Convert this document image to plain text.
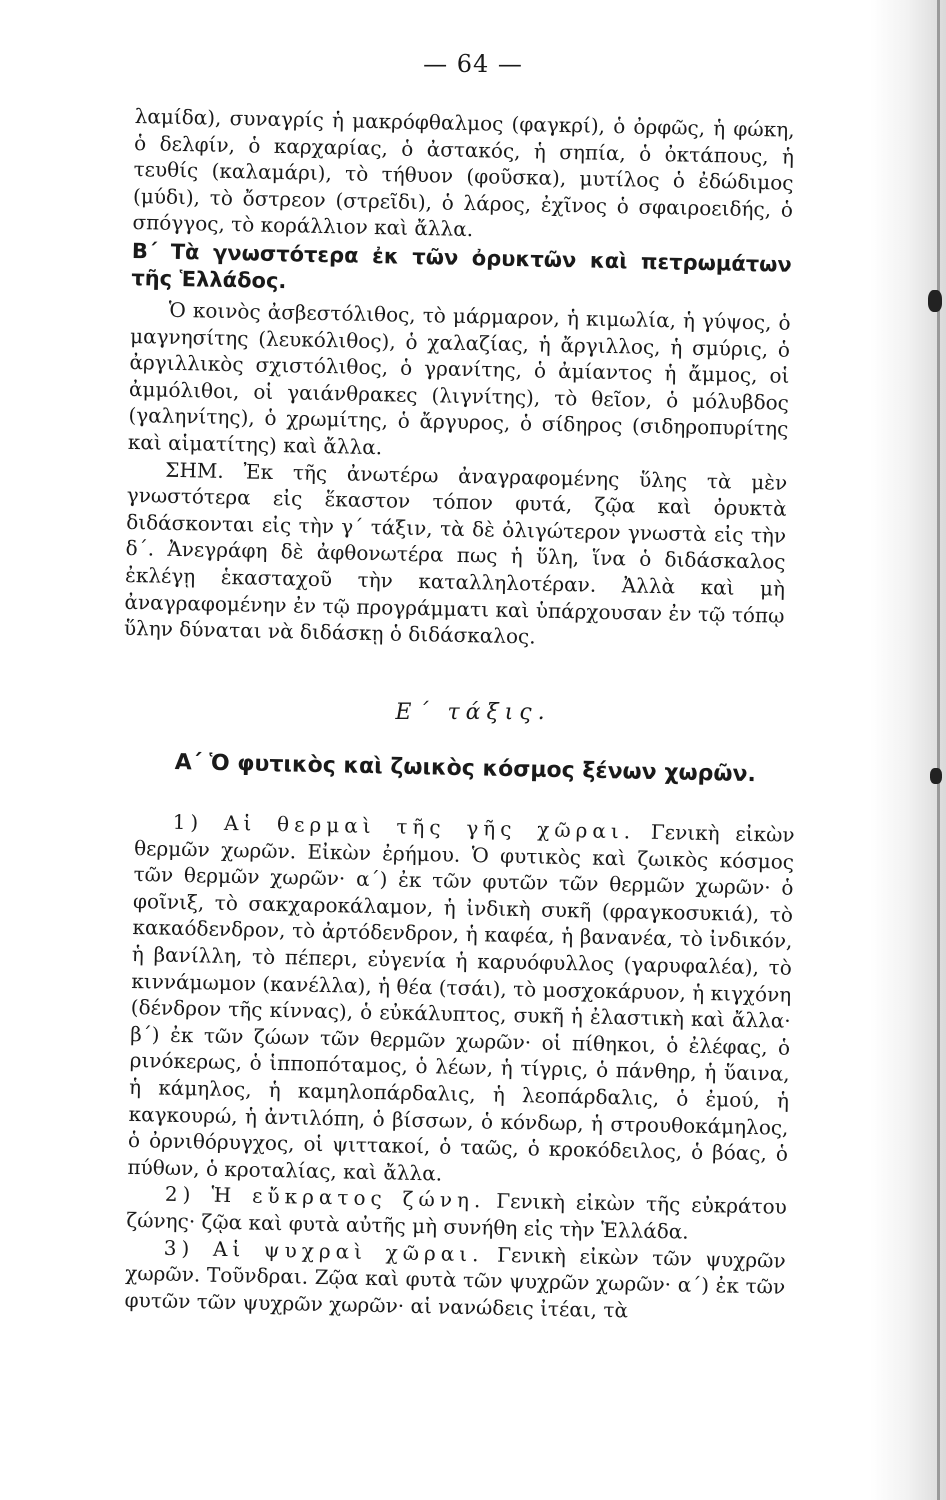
— 64 —

λαμίδα), συναγρίς ἡ μακρόφθαλμος (φαγκρί), ὁ ὀρφῶς, ἡ φώκη, ὁ δελφίν, ὁ καρχαρίας, ὁ ἀστακός, ἡ σηπία, ὁ ὀκτάπους, ἡ τευθίς (καλαμάρι), τὸ τήθυον (φοῦσκα), μυτίλος ὁ ἐδώδιμος (μύδι), τὸ ὄστρεον (στρεῖδι), ὁ λάρος, ἐχῖνος ὁ σφαιροειδής, ὁ σπόγγος, τὸ κοράλλιον καὶ ἄλλα.

Β΄ Τὰ γνωστότερα ἐκ τῶν ὀρυκτῶν καὶ πετρωμάτων τῆς Ἑλλάδος.

Ὁ κοινὸς ἀσβεστόλιθος, τὸ μάρμαρον, ἡ κιμωλία, ἡ γύψος, ὁ μαγνησίτης (λευκόλιθος), ὁ χαλαζίας, ἡ ἄργιλλος, ἡ σμύρις, ὁ ἀργιλλικὸς σχιστόλιθος, ὁ γρανίτης, ὁ ἀμίαντος ἡ ἄμμος, οἱ ἀμμόλιθοι, οἱ γαιάνθρακες (λιγνίτης), τὸ θεῖον, ὁ μόλυβδος (γαληνίτης), ὁ χρωμίτης, ὁ ἄργυρος, ὁ σίδηρος (σιδηροπυρίτης καὶ αἱματίτης) καὶ ἄλλα.

ΣΗΜ. Ἐκ τῆς ἀνωτέρω ἀναγραφομένης ὕλης τὰ μὲν γνωστότερα εἰς ἕκαστον τόπον φυτά, ζῷα καὶ ὀρυκτὰ διδάσκονται εἰς τὴν γ΄ τάξιν, τὰ δὲ ὀλιγώτερον γνωστὰ εἰς τὴν δ΄. Ἀνεγράφη δὲ ἀφθονωτέρα πως ἡ ὕλη, ἵνα ὁ διδάσκαλος ἐκλέγῃ ἑκασταχοῦ τὴν καταλληλοτέραν. Ἀλλὰ καὶ μὴ ἀναγραφομένην ἐν τῷ προγράμματι καὶ ὑπάρχουσαν ἐν τῷ τόπῳ ὕλην δύναται νὰ διδάσκῃ ὁ διδάσκαλος.

Ε΄ τάξις.
Α΄ Ὁ φυτικὸς καὶ ζωικὸς κόσμος ξένων χωρῶν.

1) Αἱ θερμαὶ τῆς γῆς χῶραι. Γενικὴ εἰκὼν θερμῶν χωρῶν. Εἰκὼν ἐρήμου. Ὁ φυτικὸς καὶ ζωικὸς κόσμος τῶν θερμῶν χωρῶν· α΄) ἐκ τῶν φυτῶν τῶν θερμῶν χωρῶν· ὁ φοῖνιξ, τὸ σακχαροκάλαμον, ἡ ἰνδικὴ συκῆ (φραγκοσυκιά), τὸ κακαόδενδρον, τὸ ἀρτόδενδρον, ἡ καφέα, ἡ βανανέα, τὸ ἰνδικόν, ἡ βανίλλη, τὸ πέπερι, εὐγενία ἡ καρυόφυλλος (γαρυφαλέα), τὸ κιννάμωμον (κανέλλα), ἡ θέα (τσάι), τὸ μοσχοκάρυον, ἡ κιγχόνη (δένδρον τῆς κίννας), ὁ εὐκάλυπτος, συκῆ ἡ ἐλαστικὴ καὶ ἄλλα· β΄) ἐκ τῶν ζώων τῶν θερμῶν χωρῶν· οἱ πίθηκοι, ὁ ἐλέφας, ὁ ρινόκερως, ὁ ἱπποπόταμος, ὁ λέων, ἡ τίγρις, ὁ πάνθηρ, ἡ ὕαινα, ἡ κάμηλος, ἡ καμηλοπάρδαλις, ἡ λεοπάρδαλις, ὁ ἐμού, ἡ καγκουρώ, ἡ ἀντιλόπη, ὁ βίσσων, ὁ κόνδωρ, ἡ στρουθοκάμηλος, ὁ ὀρνιθόρυγχος, οἱ ψιττακοί, ὁ ταῶς, ὁ κροκόδειλος, ὁ βόας, ὁ πύθων, ὁ κροταλίας, καὶ ἄλλα.

2) Ἡ εὔκρατος ζώνη. Γενικὴ εἰκὼν τῆς εὐκράτου ζώνης· ζῷα καὶ φυτὰ αὐτῆς μὴ συνήθη εἰς τὴν Ἑλλάδα.

3) Αἱ ψυχραὶ χῶραι. Γενικὴ εἰκὼν τῶν ψυχρῶν χωρῶν. Τοῦνδραι. Ζῷα καὶ φυτὰ τῶν ψυχρῶν χωρῶν· α΄) ἐκ τῶν φυτῶν τῶν ψυχρῶν χωρῶν· αἱ νανώδεις ἰτέαι, τὰ
